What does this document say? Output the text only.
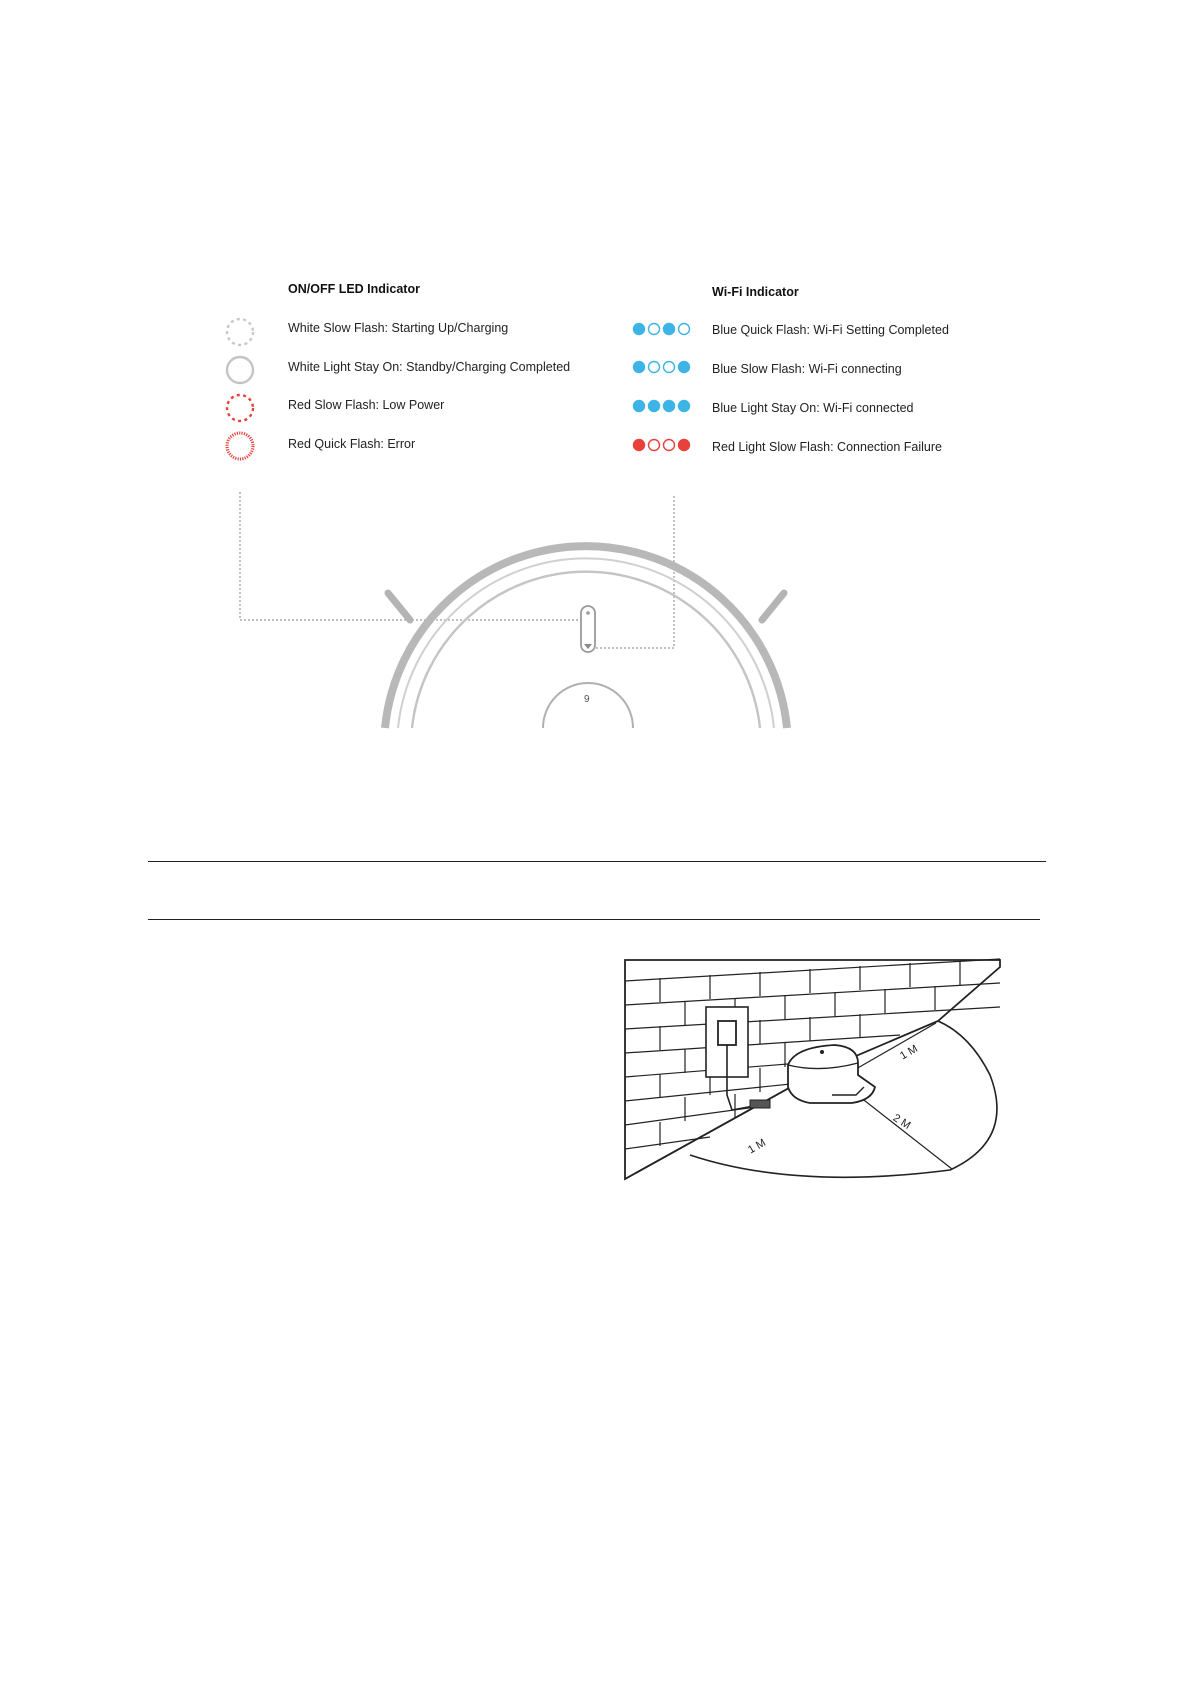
ON/OFF LED Indicator
White Slow Flash: Starting Up/Charging
White Light Stay On: Standby/Charging Completed
Red Slow Flash: Low Power
Red Quick Flash: Error
Wi-Fi Indicator
Blue Quick Flash: Wi-Fi Setting Completed
Blue Slow Flash: Wi-Fi connecting
Blue Light Stay On: Wi-Fi connected
Red Light Slow Flash: Connection Failure
9
1 M
2 M
1 M
